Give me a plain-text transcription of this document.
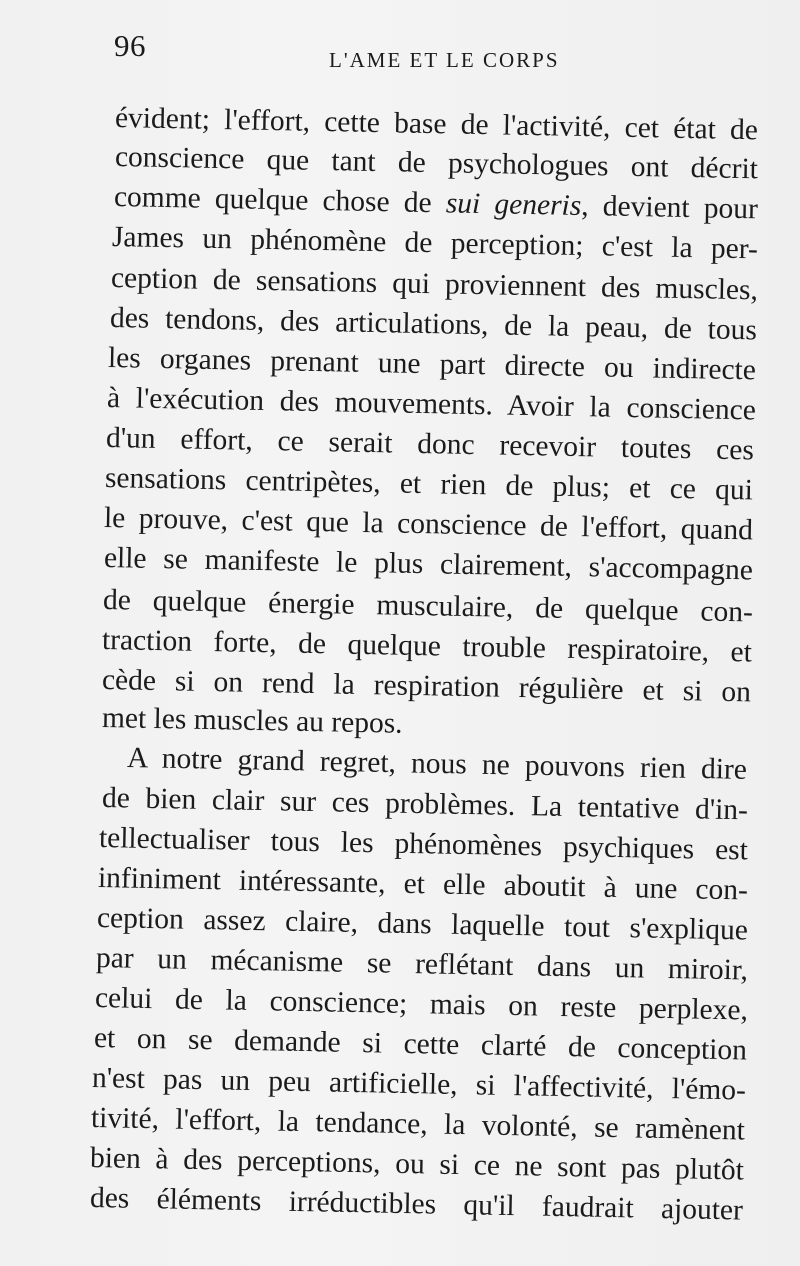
96	L'AME ET LE CORPS
évident; l'effort, cette base de l'activité, cet état de
conscience que tant de psychologues ont décrit
comme quelque chose de sui generis, devient pour
James un phénomène de perception; c'est la per-
ception de sensations qui proviennent des muscles,
des tendons, des articulations, de la peau, de tous
les organes prenant une part directe ou indirecte
à l'exécution des mouvements. Avoir la conscience
d'un effort, ce serait donc recevoir toutes ces
sensations centripètes, et rien de plus; et ce qui
le prouve, c'est que la conscience de l'effort, quand
elle se manifeste le plus clairement, s'accompagne
de quelque énergie musculaire, de quelque con-
traction forte, de quelque trouble respiratoire, et
cède si on rend la respiration régulière et si on
met les muscles au repos.
A notre grand regret, nous ne pouvons rien dire
de bien clair sur ces problèmes. La tentative d'in-
tellectualiser tous les phénomènes psychiques est
infiniment intéressante, et elle aboutit à une con-
ception assez claire, dans laquelle tout s'explique
par un mécanisme se reflétant dans un miroir,
celui de la conscience; mais on reste perplexe,
et on se demande si cette clarté de conception
n'est pas un peu artificielle, si l'affectivité, l'émo-
tivité, l'effort, la tendance, la volonté, se ramènent
bien à des perceptions, ou si ce ne sont pas plutôt
des éléments irréductibles qu'il faudrait ajouter
